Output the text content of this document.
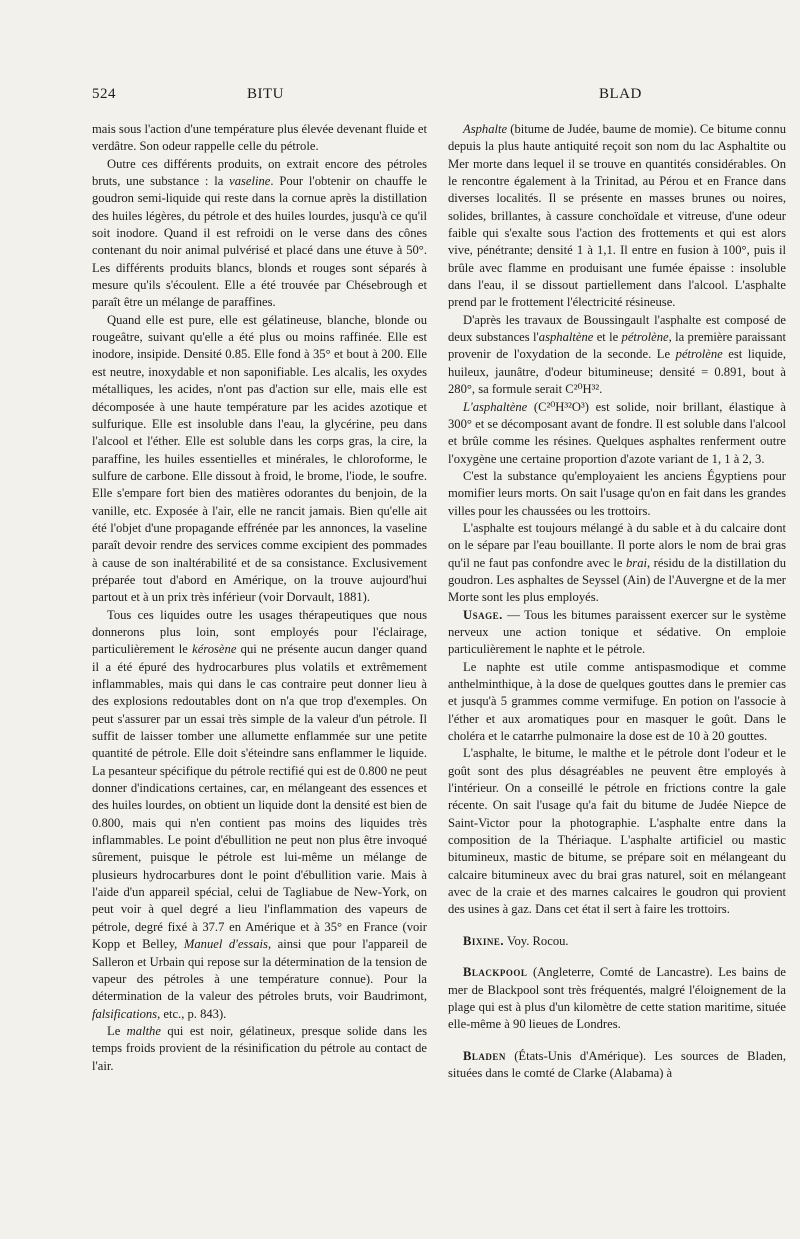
524	BITU	BLAD

mais sous l'action d'une température plus élevée devenant fluide et verdâtre. Son odeur rappelle celle du pétrole.

Outre ces différents produits, on extrait encore des pétroles bruts, une substance : la vaseline. Pour l'obtenir on chauffe le goudron semi-liquide qui reste dans la cornue après la distillation des huiles légères, du pétrole et des huiles lourdes, jusqu'à ce qu'il soit inodore. Quand il est refroidi on le verse dans des cônes contenant du noir animal pulvérisé et placé dans une étuve à 50°. Les différents produits blancs, blonds et rouges sont séparés à mesure qu'ils s'écoulent. Elle a été trouvée par Chésebrough et paraît être un mélange de paraffines.

Quand elle est pure, elle est gélatineuse, blanche, blonde ou rougeâtre, suivant qu'elle a été plus ou moins raffinée. Elle est inodore, insipide. Densité 0.85. Elle fond à 35° et bout à 200. Elle est neutre, inoxydable et non saponifiable. Les alcalis, les oxydes métalliques, les acides, n'ont pas d'action sur elle, mais elle est décomposée à une haute température par les acides azotique et sulfurique. Elle est insoluble dans l'eau, la glycérine, peu dans l'alcool et l'éther. Elle est soluble dans les corps gras, la cire, la paraffine, les huiles essentielles et minérales, le chloroforme, le sulfure de carbone. Elle dissout à froid, le brome, l'iode, le soufre. Elle s'empare fort bien des matières odorantes du benjoin, de la vanille, etc. Exposée à l'air, elle ne rancit jamais. Bien qu'elle ait été l'objet d'une propagande effrénée par les annonces, la vaseline paraît devoir rendre des services comme excipient des pommades à cause de son inaltérabilité et de sa consistance. Exclusivement préparée tout d'abord en Amérique, on la trouve aujourd'hui partout et à un prix très inférieur (voir Dorvault, 1881).

Tous ces liquides outre les usages thérapeutiques que nous donnerons plus loin, sont employés pour l'éclairage, particulièrement le kérosène qui ne présente aucun danger quand il a été épuré des hydrocarbures plus volatils et extrêmement inflammables, mais qui dans le cas contraire peut donner lieu à des explosions redoutables dont on n'a que trop d'exemples. On peut s'assurer par un essai très simple de la valeur d'un pétrole. Il suffit de laisser tomber une allumette enflammée sur une petite quantité de pétrole. Elle doit s'éteindre sans enflammer le liquide. La pesanteur spécifique du pétrole rectifié qui est de 0.800 ne peut donner d'indications certaines, car, en mélangeant des essences et des huiles lourdes, on obtient un liquide dont la densité est bien de 0.800, mais qui n'en contient pas moins des liquides très inflammables. Le point d'ébullition ne peut non plus être invoqué sûrement, puisque le pétrole est lui-même un mélange de plusieurs hydrocarbures dont le point d'ébullition varie. Mais à l'aide d'un appareil spécial, celui de Tagliabue de New-York, on peut voir à quel degré a lieu l'inflammation des vapeurs de pétrole, degré fixé à 37.7 en Amérique et à 35° en France (voir Kopp et Belley, Manuel d'essais, ainsi que pour l'appareil de Salleron et Urbain qui repose sur la détermination de la tension de vapeur des pétroles à une température connue). Pour la détermination de la valeur des pétroles bruts, voir Baudrimont, falsifications, etc., p. 843).

Le malthe qui est noir, gélatineux, presque solide dans les temps froids provient de la résinification du pétrole au contact de l'air.

Asphalte (bitume de Judée, baume de momie). Ce bitume connu depuis la plus haute antiquité reçoit son nom du lac Asphaltite ou Mer morte dans lequel il se trouve en quantités considérables. On le rencontre également à la Trinitad, au Pérou et en France dans diverses localités. Il se présente en masses brunes ou noires, solides, brillantes, à cassure conchoïdale et vitreuse, d'une odeur faible qui s'exalte sous l'action des frottements et qui est alors vive, pénétrante; densité 1 à 1,1. Il entre en fusion à 100°, puis il brûle avec flamme en produisant une fumée épaisse : insoluble dans l'eau, il se dissout partiellement dans l'alcool. L'asphalte prend par le frottement l'électricité résineuse.

D'après les travaux de Boussingault l'asphalte est composé de deux substances l'asphaltène et le pétrolène, la première paraissant provenir de l'oxydation de la seconde. Le pétrolène est liquide, huileux, jaunâtre, d'odeur bitumineuse; densité = 0.891, bout à 280°, sa formule serait C²⁰H³².

L'asphaltène (C²⁰H³²O³) est solide, noir brillant, élastique à 300° et se décomposant avant de fondre. Il est soluble dans l'alcool et brûle comme les résines. Quelques asphaltes renferment outre l'oxygène une certaine proportion d'azote variant de 1, 1 à 2, 3.

C'est la substance qu'employaient les anciens Égyptiens pour momifier leurs morts. On sait l'usage qu'on en fait dans les grandes villes pour les chaussées ou les trottoirs.

L'asphalte est toujours mélangé à du sable et à du calcaire dont on le sépare par l'eau bouillante. Il porte alors le nom de brai gras qu'il ne faut pas confondre avec le brai, résidu de la distillation du goudron. Les asphaltes de Seyssel (Ain) de l'Auvergne et de la mer Morte sont les plus employés.

Usage. — Tous les bitumes paraissent exercer sur le système nerveux une action tonique et sédative. On emploie particulièrement le naphte et le pétrole.

Le naphte est utile comme antispasmodique et comme anthelminthique, à la dose de quelques gouttes dans le premier cas et jusqu'à 5 grammes comme vermifuge. En potion on l'associe à l'éther et aux aromatiques pour en masquer le goût. Dans le choléra et le catarrhe pulmonaire la dose est de 10 à 20 gouttes.

L'asphalte, le bitume, le malthe et le pétrole dont l'odeur et le goût sont des plus désagréables ne peuvent être employés à l'intérieur. On a conseillé le pétrole en frictions contre la gale récente. On sait l'usage qu'a fait du bitume de Judée Niepce de Saint-Victor pour la photographie. L'asphalte entre dans la composition de la Thériaque. L'asphalte artificiel ou mastic bitumineux, mastic de bitume, se prépare soit en mélangeant du calcaire bitumineux avec du brai gras naturel, soit en mélangeant avec de la craie et des marnes calcaires le goudron qui provient des usines à gaz. Dans cet état il sert à faire les trottoirs.

Bixine. Voy. Rocou.

Blackpool (Angleterre, Comté de Lancastre). Les bains de mer de Blackpool sont très fréquentés, malgré l'éloignement de la plage qui est à plus d'un kilomètre de cette station maritime, située elle-même à 90 lieues de Londres.

Bladen (États-Unis d'Amérique). Les sources de Bladen, situées dans le comté de Clarke (Alabama) à
